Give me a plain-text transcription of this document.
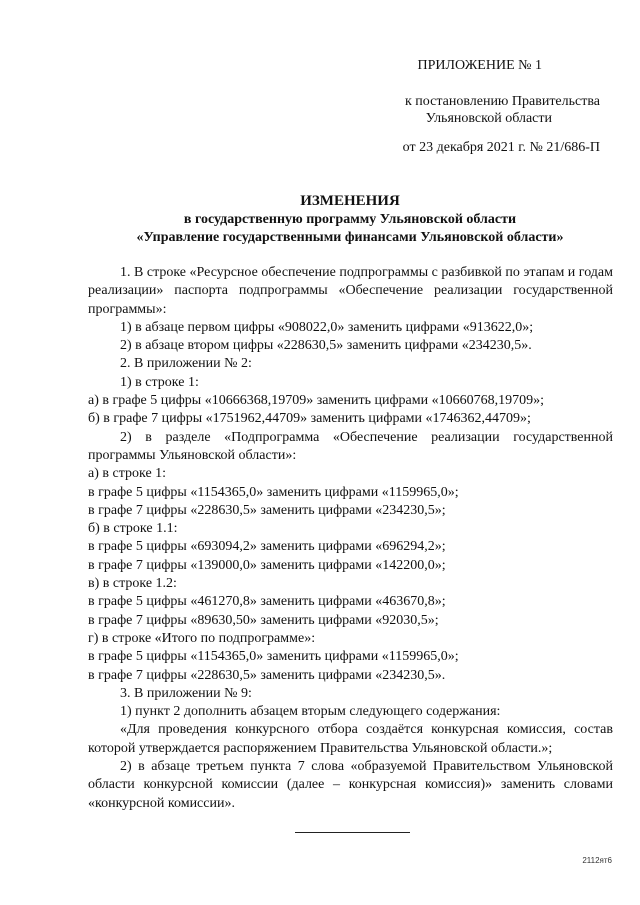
ПРИЛОЖЕНИЕ № 1
к постановлению Правительства
Ульяновской области
от 23 декабря 2021 г. № 21/686-П
ИЗМЕНЕНИЯ
в государственную программу Ульяновской области
«Управление государственными финансами Ульяновской области»

1. В строке «Ресурсное обеспечение подпрограммы с разбивкой по этапам и годам реализации» паспорта подпрограммы «Обеспечение реализации государственной программы»:

1) в абзаце первом цифры «908022,0» заменить цифрами «913622,0»;

2) в абзаце втором цифры «228630,5» заменить цифрами «234230,5».

2. В приложении № 2:

1) в строке 1:

а) в графе 5 цифры «10666368,19709» заменить цифрами «10660768,19709»;

б) в графе 7 цифры «1751962,44709» заменить цифрами «1746362,44709»;

2) в разделе «Подпрограмма «Обеспечение реализации государственной программы Ульяновской области»:

а) в строке 1:

в графе 5 цифры «1154365,0» заменить цифрами «1159965,0»;

в графе 7 цифры «228630,5» заменить цифрами «234230,5»;

б) в строке 1.1:

в графе 5 цифры «693094,2» заменить цифрами «696294,2»;

в графе 7 цифры «139000,0» заменить цифрами «142200,0»;

в) в строке 1.2:

в графе 5 цифры «461270,8» заменить цифрами «463670,8»;

в графе 7 цифры «89630,50» заменить цифрами «92030,5»;

г) в строке «Итого по подпрограмме»:

в графе 5 цифры «1154365,0» заменить цифрами «1159965,0»;

в графе 7 цифры «228630,5» заменить цифрами «234230,5».

3. В приложении № 9:

1) пункт 2 дополнить абзацем вторым следующего содержания:

«Для проведения конкурсного отбора создаётся конкурсная комиссия, состав которой утверждается распоряжением Правительства Ульяновской области.»;

2) в абзаце третьем пункта 7 слова «образуемой Правительством Ульяновской области конкурсной комиссии (далее – конкурсная комиссия)» заменить словами «конкурсной комиссии».

2112ят6
